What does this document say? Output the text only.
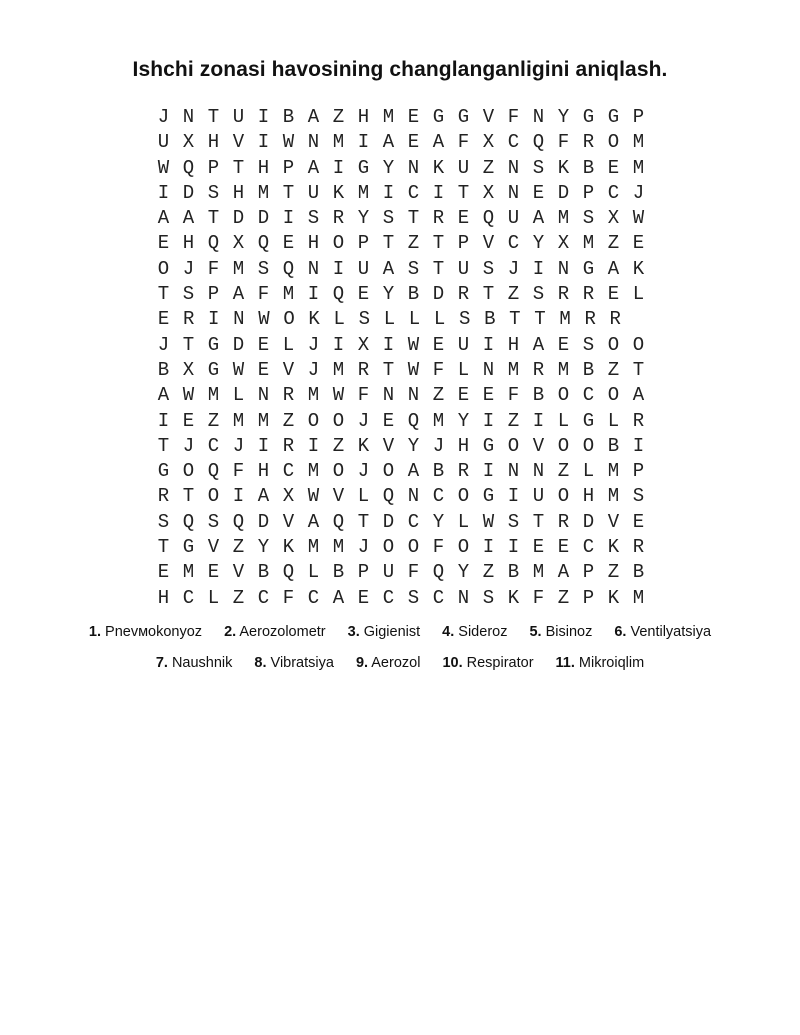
Ishchi zonasi havosining changlanganligini aniqlash.
J N T U I B A Z H M E G G V F N Y G G P
U X H V I W N M I A E A F X C Q F R O M
W Q P T H P A I G Y N K U Z N S K B E M
I D S H M T U K M I C I T X N E D P C J
A A T D D I S R Y S T R E Q U A M S X W
E H Q X Q E H O P T Z T P V C Y X M Z E
O J F M S Q N I U A S T U S J I N G A K
T S P A F M I Q E Y B D R T Z S R R E L
E R I N W O K L S L L L S B T T M R R
J T G D E L J I X I W E U I H A E S O O
B X G W E V J M R T W F L N M R M B Z T
A W M L N R M W F N N Z E E F B O C O A
I E Z M M Z O O J E Q M Y I Z I L G L R
T J C J I R I Z K V Y J H G O V O O B I
G O Q F H C M O J O A B R I N N Z L M P
R T O I A X W V L Q N C O G I U O H M S
S Q S Q D V A Q T D C Y L W S T R D V E
T G V Z Y K M M J O O F O I I E E C K R
E M E V B Q L B P U F Q Y Z B M A P Z B
H C L Z C F C A E C S C N S K F Z P K M
1. Pnevмokonyoz 2. Aerozolometr 3. Gigienist 4. Sideroz 5. Bisinoz 6. Ventilyatsiya
7. Naushnik 8. Vibratsiya 9. Aerozol 10. Respirator 11. Mikroiqlim
